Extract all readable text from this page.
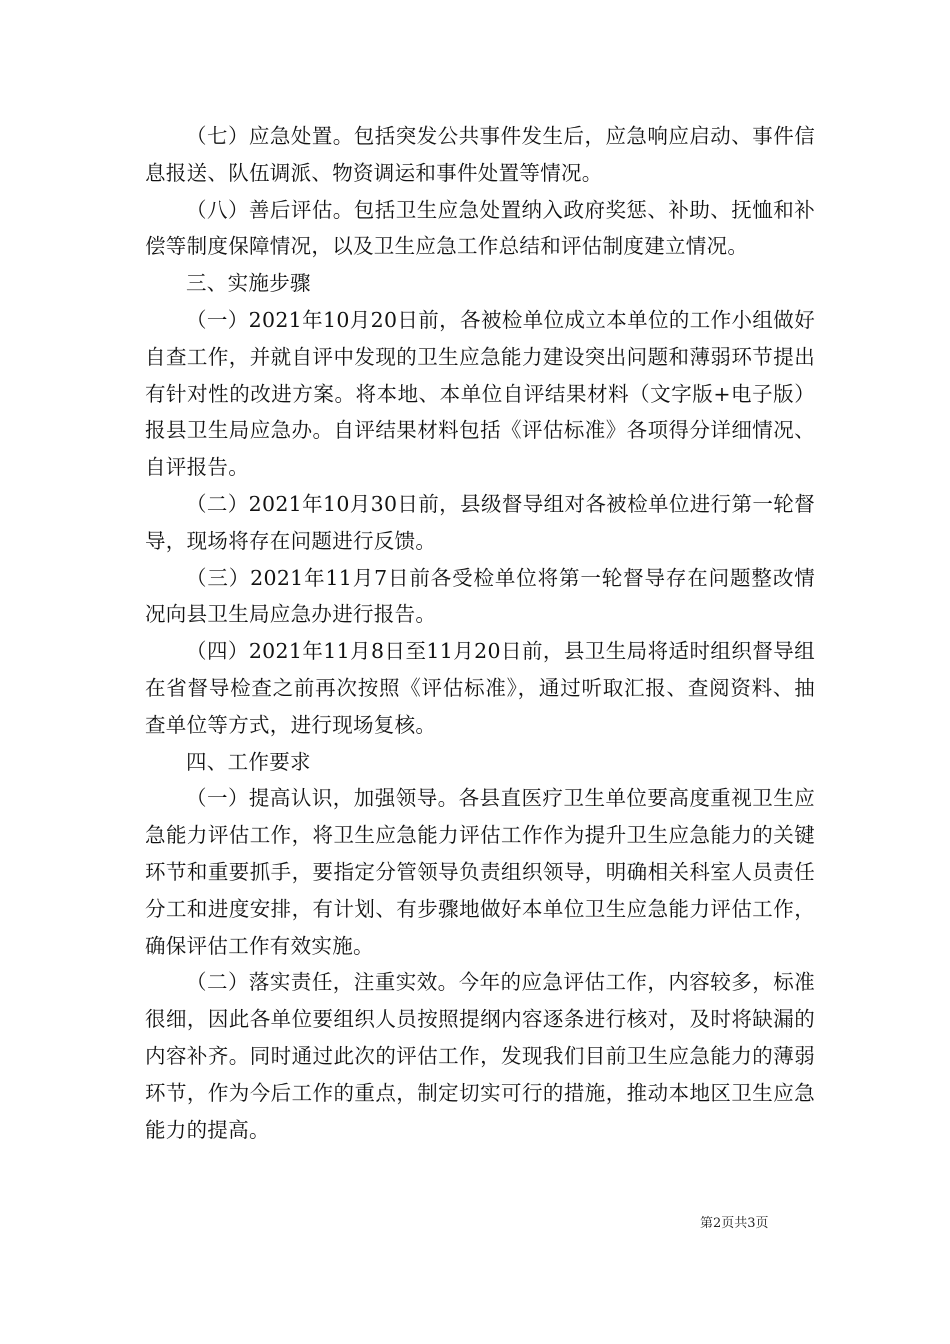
（七）应急处置。包括突发公共事件发生后，应急响应启动、事件信息报送、队伍调派、物资调运和事件处置等情况。

（八）善后评估。包括卫生应急处置纳入政府奖惩、补助、抚恤和补偿等制度保障情况，以及卫生应急工作总结和评估制度建立情况。

三、实施步骤

（一）2021年10月20日前，各被检单位成立本单位的工作小组做好自查工作，并就自评中发现的卫生应急能力建设突出问题和薄弱环节提出有针对性的改进方案。将本地、本单位自评结果材料（文字版+电子版）报县卫生局应急办。自评结果材料包括《评估标准》各项得分详细情况、自评报告。

（二）2021年10月30日前，县级督导组对各被检单位进行第一轮督导，现场将存在问题进行反馈。

（三）2021年11月7日前各受检单位将第一轮督导存在问题整改情况向县卫生局应急办进行报告。

（四）2021年11月8日至11月20日前，县卫生局将适时组织督导组在省督导检查之前再次按照《评估标准》，通过听取汇报、查阅资料、抽查单位等方式，进行现场复核。

四、工作要求

（一）提高认识，加强领导。各县直医疗卫生单位要高度重视卫生应急能力评估工作，将卫生应急能力评估工作作为提升卫生应急能力的关键环节和重要抓手，要指定分管领导负责组织领导，明确相关科室人员责任分工和进度安排，有计划、有步骤地做好本单位卫生应急能力评估工作，确保评估工作有效实施。

（二）落实责任，注重实效。今年的应急评估工作，内容较多，标准很细，因此各单位要组织人员按照提纲内容逐条进行核对，及时将缺漏的内容补齐。同时通过此次的评估工作，发现我们目前卫生应急能力的薄弱环节，作为今后工作的重点，制定切实可行的措施，推动本地区卫生应急能力的提高。

第2页共3页
